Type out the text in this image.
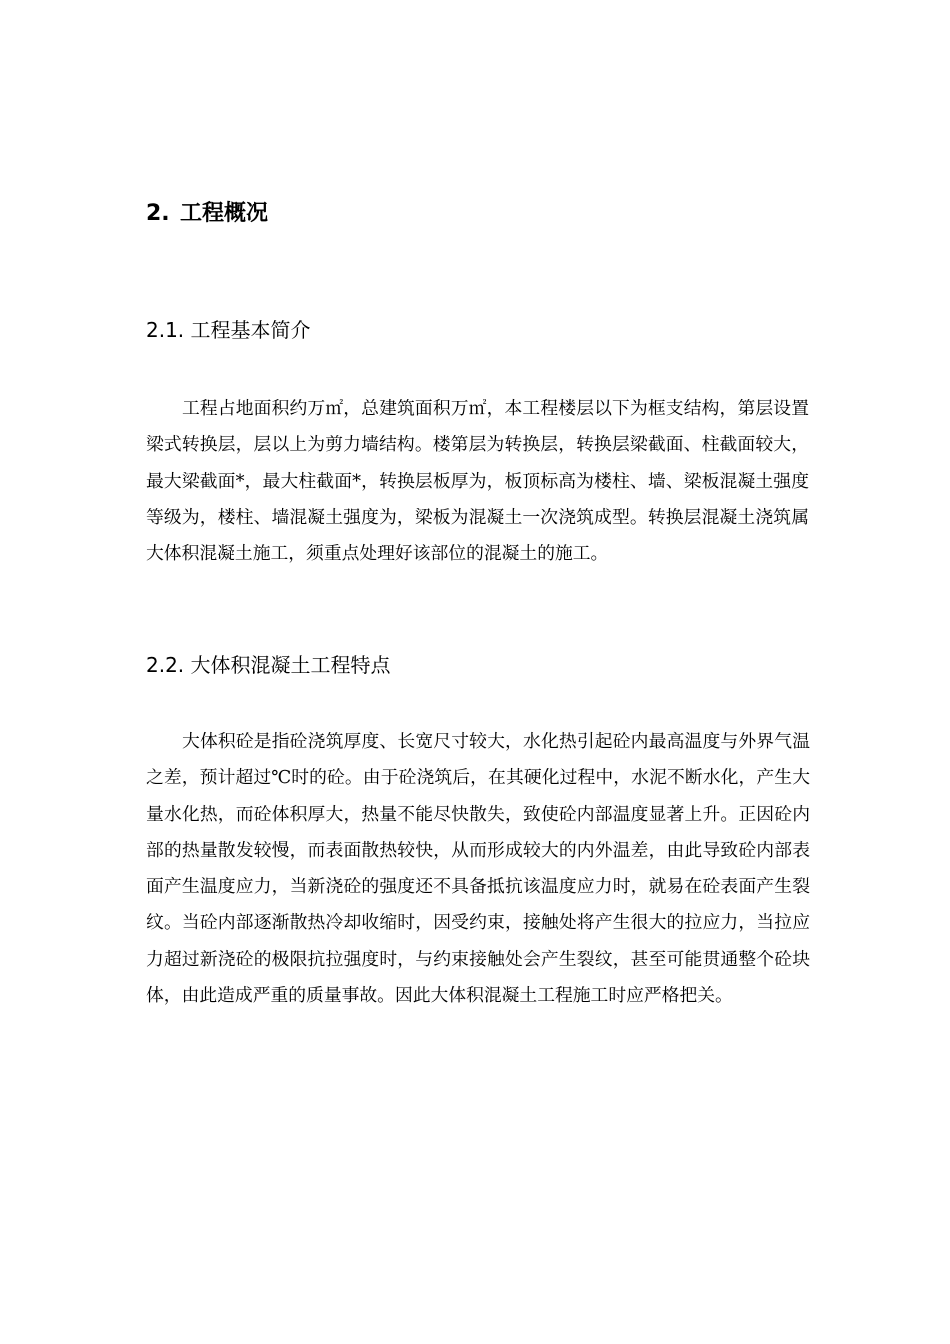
2. 工程概况
2.1. 工程基本简介

工程占地面积约万㎡，总建筑面积万㎡，本工程楼层以下为框支结构，第层设置梁式转换层，层以上为剪力墙结构。楼第层为转换层，转换层梁截面、柱截面较大，最大梁截面*，最大柱截面*，转换层板厚为，板顶标高为楼柱、墙、梁板混凝土强度等级为，楼柱、墙混凝土强度为，梁板为混凝土一次浇筑成型。转换层混凝土浇筑属大体积混凝土施工，须重点处理好该部位的混凝土的施工。

2.2. 大体积混凝土工程特点

大体积砼是指砼浇筑厚度、长宽尺寸较大，水化热引起砼内最高温度与外界气温之差，预计超过℃时的砼。由于砼浇筑后，在其硬化过程中，水泥不断水化，产生大量水化热，而砼体积厚大，热量不能尽快散失，致使砼内部温度显著上升。正因砼内部的热量散发较慢，而表面散热较快，从而形成较大的内外温差，由此导致砼内部表面产生温度应力，当新浇砼的强度还不具备抵抗该温度应力时，就易在砼表面产生裂纹。当砼内部逐渐散热冷却收缩时，因受约束，接触处将产生很大的拉应力，当拉应力超过新浇砼的极限抗拉强度时，与约束接触处会产生裂纹，甚至可能贯通整个砼块体，由此造成严重的质量事故。因此大体积混凝土工程施工时应严格把关。
